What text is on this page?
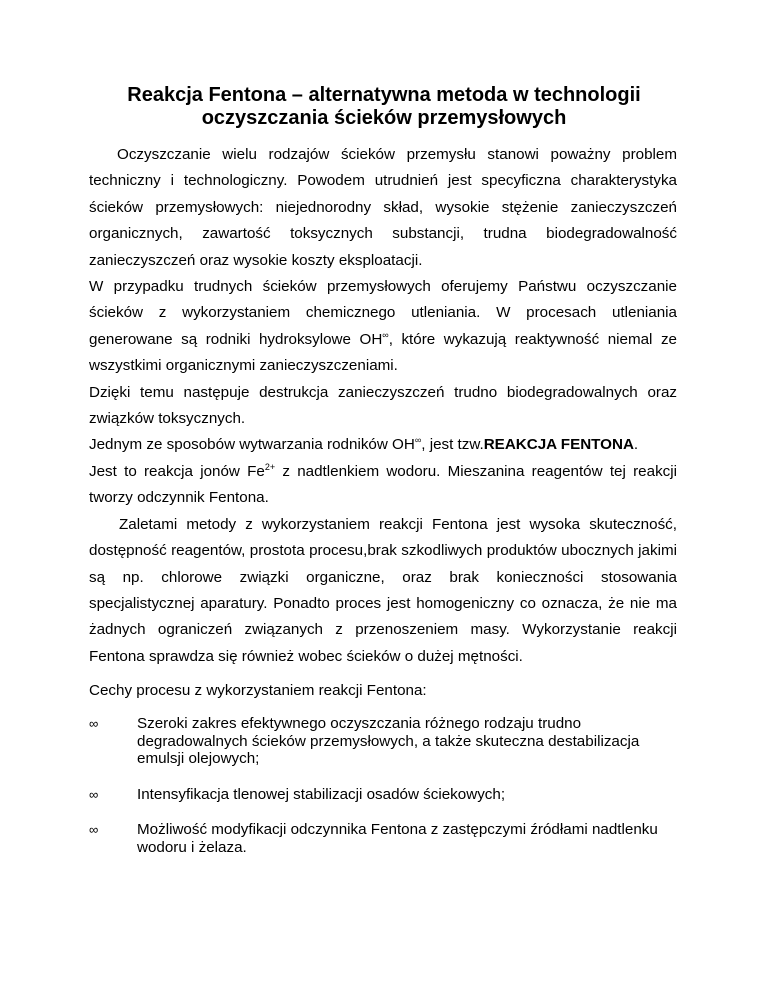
Reakcja Fentona – alternatywna metoda w technologii
oczyszczania ścieków przemysłowych

Oczyszczanie wielu rodzajów ścieków przemysłu stanowi poważny problem techniczny i technologiczny. Powodem utrudnień jest specyficzna charakterystyka ścieków przemysłowych: niejednorodny skład, wysokie stężenie zanieczyszczeń organicznych, zawartość toksycznych substancji, trudna biodegradowalność zanieczyszczeń oraz wysokie koszty eksploatacji.

W przypadku trudnych ścieków przemysłowych oferujemy Państwu oczyszczanie ścieków z wykorzystaniem chemicznego utleniania. W procesach utleniania generowane są rodniki hydroksylowe OH∞, które wykazują reaktywność niemal ze wszystkimi organicznymi zanieczyszczeniami.

Dzięki temu następuje destrukcja zanieczyszczeń trudno biodegradowalnych oraz związków toksycznych.

Jednym ze sposobów wytwarzania rodników OH∞, jest tzw.REAKCJA FENTONA.

Jest to reakcja jonów $Fe^{2+}$ z nadtlenkiem wodoru. Mieszanina reagentów tej reakcji tworzy odczynnik Fentona.

Zaletami metody z wykorzystaniem reakcji Fentona jest wysoka skuteczność, dostępność reagentów, prostota procesu,brak szkodliwych produktów ubocznych jakimi są np. chlorowe związki organiczne, oraz brak konieczności stosowania specjalistycznej aparatury. Ponadto proces jest homogeniczny co oznacza, że nie ma żadnych ograniczeń związanych z przenoszeniem masy. Wykorzystanie reakcji Fentona sprawdza się również wobec ścieków o dużej mętności.

Cechy procesu z wykorzystaniem reakcji Fentona:
∞	Szeroki zakres efektywnego oczyszczania różnego rodzaju trudno degradowalnych ścieków przemysłowych, a także skuteczna destabilizacja emulsji olejowych;
∞	Intensyfikacja tlenowej stabilizacji osadów ściekowych;
∞	Możliwość modyfikacji odczynnika Fentona z zastępczymi źródłami nadtlenku wodoru i żelaza.
